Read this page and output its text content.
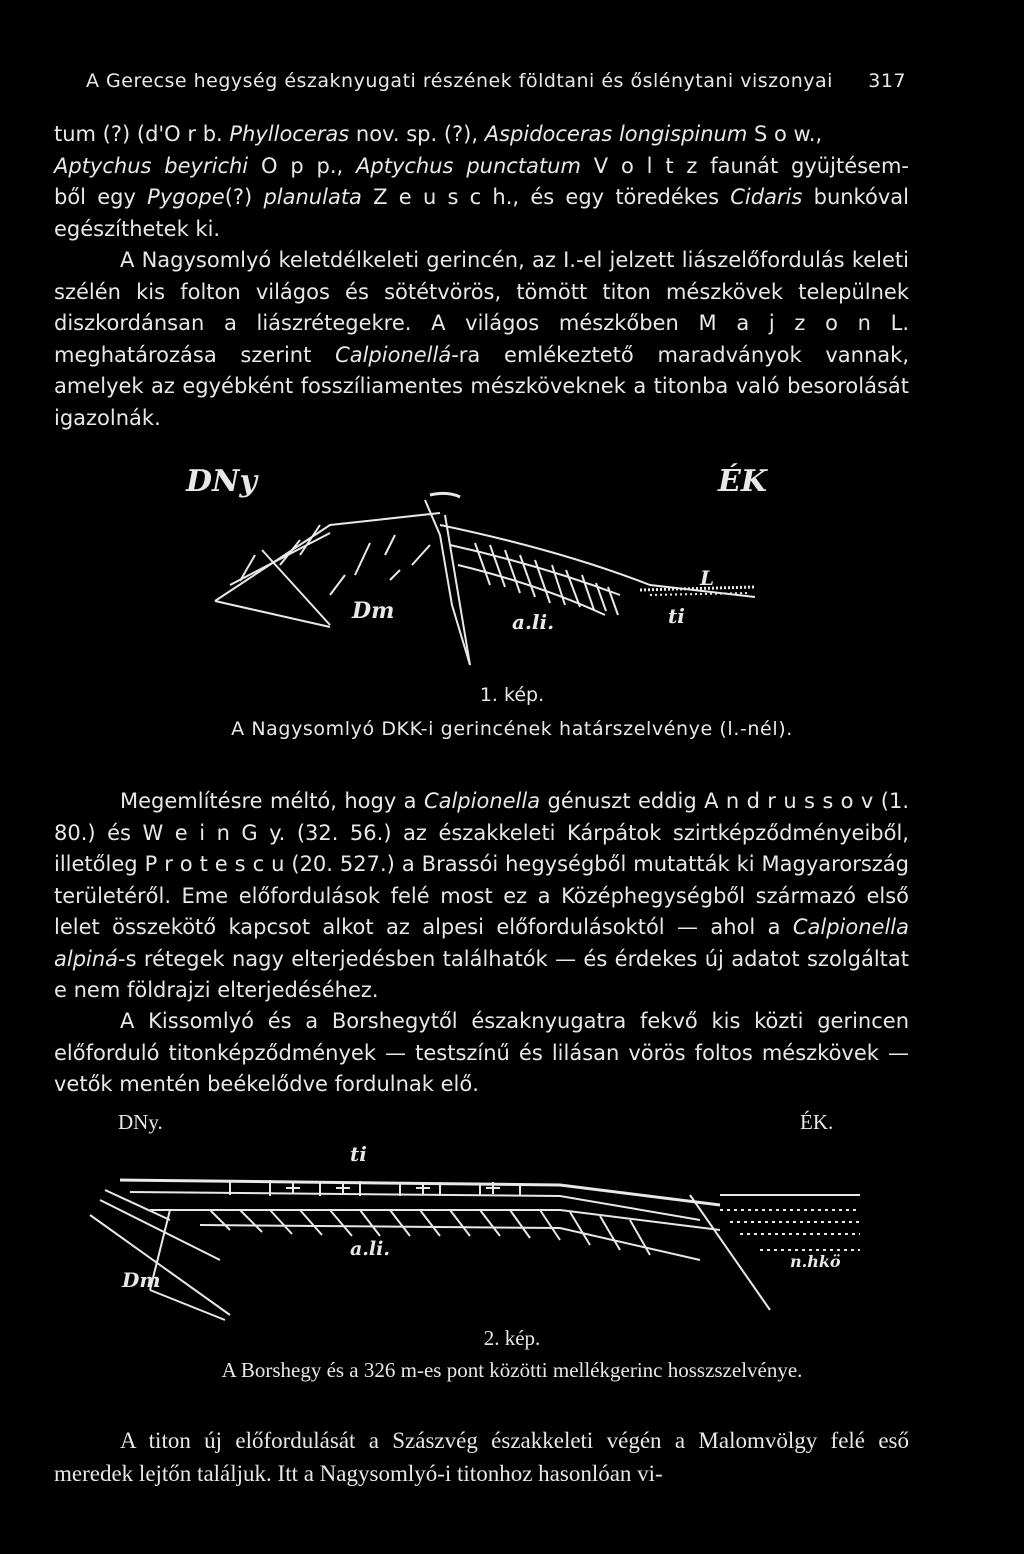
A Gerecse hegység északnyugati részének földtani és őslénytani viszonyai 317

tum (?) (d'O r b. Phylloceras nov. sp. (?), Aspidoceras longispinum S o w.,

Aptychus beyrichi O p p., Aptychus punctatum V o l t z faunát gyüjtésem-

ből egy Pygope(?) planulata Z e u s c h., és egy töredékes Cidaris bunkóval

egészíthetek ki.

A Nagysomlyó keletdélkeleti gerincén, az I.-el jelzett liászelőfordulás keleti szélén kis folton világos és sötétvörös, tömött titon mészkövek települnek diszkordánsan a liászrétegekre. A világos mészkőben M a j z o n L. meghatározása szerint Calpionellá-ra emlékeztető maradványok vannak, amelyek az egyébként fosszíliamentes mészköveknek a titonba való besorolását igazolnák.

DNy	ÉK
Dm	a.li.	ti
L
1. kép.
A Nagysomlyó DKK-i gerincének határszelvénye (l.-nél).

Megemlítésre méltó, hogy a Calpionella génuszt eddig A n d r u s s o v (1. 80.) és W e i n G y. (32. 56.) az északkeleti Kárpátok szirtképződményeiből, illetőleg P r o t e s c u (20. 527.) a Brassói hegységből mutatták ki Magyarország területéről. Eme előfordulások felé most ez a Középhegységből származó első lelet összekötő kapcsot alkot az alpesi előfordulásoktól — ahol a Calpionella alpiná-s rétegek nagy elterjedésben találhatók — és érdekes új adatot szolgáltat e nem földrajzi elterjedéséhez.

A Kissomlyó és a Borshegytől északnyugatra fekvő kis közti gerincen előforduló titonképződmények — testszínű és lilásan vörös foltos mészkövek — vetők mentén beékelődve fordulnak elő.

DNy.	ÉK.
ti
Dm
a.li.
n.hkö
2. kép.
A Borshegy és a 326 m-es pont közötti mellékgerinc hosszszelvénye.

A titon új előfordulását a Szászvég északkeleti végén a Malomvölgy felé eső meredek lejtőn találjuk. Itt a Nagysomlyó-i titonhoz hasonlóan vi-
